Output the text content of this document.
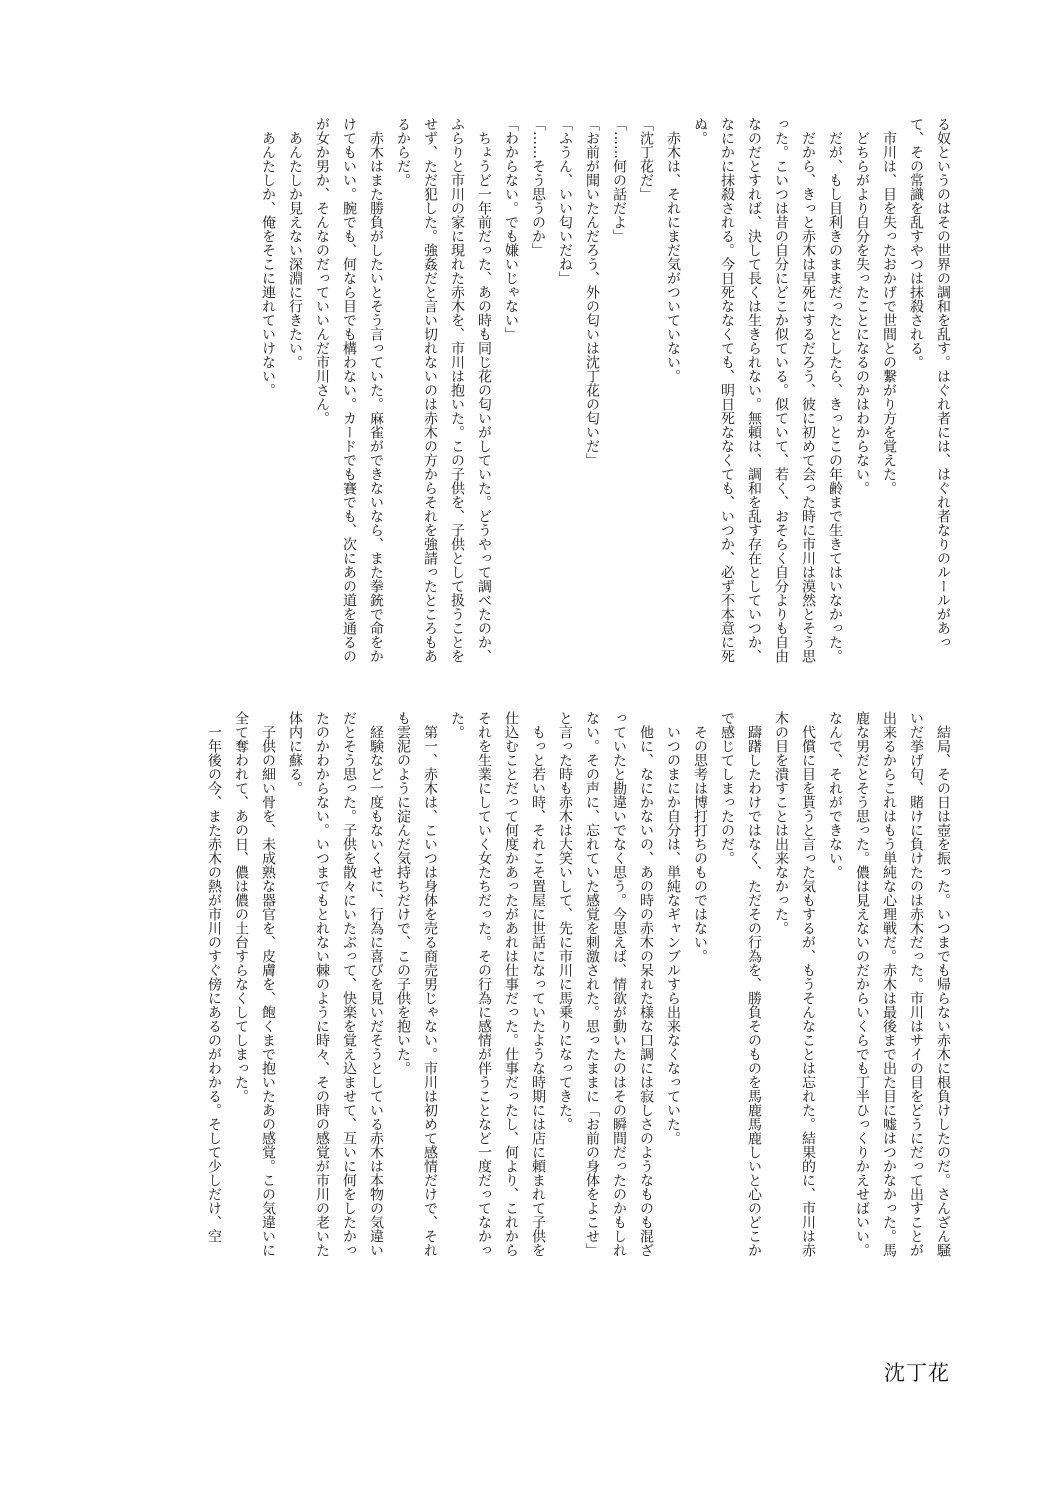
る奴というのはその世界の調和を乱す。はぐれ者には、はぐれ者なりのルールがあって、その常識を乱すやつは抹殺される。

市川は、目を失ったおかげで世間との繋がり方を覚えた。

どちらがより自分を失ったことになるのかはわからない。

だが、もし目利きのままだったとしたら、きっとこの年齢まで生きてはいなかった。

だから、きっと赤木は早死にするだろう、彼に初めて会った時に市川は漠然とそう思った。こいつは昔の自分にどこか似ている。似ていて、若く、おそらく自分よりも自由なのだとすれば、決して長くは生きられない。無頼は、調和を乱す存在としていつか、なにかに抹殺される。今日死ななくても、明日死ななくても、いつか、必ず不本意に死ぬ。

赤木は、それにまだ気がついていない。

「沈丁花だ」

「……何の話だよ」

「お前が聞いたんだろう、外の匂いは沈丁花の匂いだ」

「ふうん、いい匂いだね」

「……そう思うのか」

「わからない。でも嫌いじゃない」

ちょうど一年前だった、あの時も同じ花の匂いがしていた。どうやって調べたのか、ふらりと市川の家に現れた赤木を、市川は抱いた。この子供を、子供として扱うことをせず、ただ犯した。強姦だと言い切れないのは赤木の方からそれを強請ったところもあるからだ。

赤木はまた勝負がしたいとそう言っていた。麻雀ができないなら、また拳銃で命をかけてもいい。腕でも、何なら目でも構わない。カードでも賽でも、次にあの道を通るのが女か男か、そんなのだっていいんだ市川さん。

あんたしか見えない深淵に行きたい。

あんたしか、俺をそこに連れていけない。

結局、その日は壺を振った。いつまでも帰らない赤木に根負けしたのだ。さんざん騒いだ挙げ句、賭けに負けたのは赤木だった。市川はサイの目をどうにだって出すことが出来るからこれはもう単純な心理戦だ。赤木は最後まで出た目に嘘はつかなかった。馬鹿な男だとそう思った。儂は見えないのだからいくらでも丁半ひっくりかえせばいい。なんで、それができない。

代償に目を貰うと言った気もするが、もうそんなことは忘れた。結果的に、市川は赤木の目を潰すことは出来なかった。

躊躇したわけではなく、ただその行為を、勝負そのものを馬鹿馬鹿しいと心のどこかで感じてしまったのだ。

その思考は博打打ちのものではない。

いつのまにか自分は、単純なギャンブルすら出来なくなっていた。

他に、なにかないの、あの時の赤木の呆れた様な口調には寂しさのようなものも混ざっていたと勘違いでなく思う。今思えば、情欲が動いたのはその瞬間だったのかもしれない。その声に、忘れていた感覚を刺激された。思ったままに「お前の身体をよこせ」と言った時も赤木は大笑いして、先に市川に馬乗りになってきた。

もっと若い時、それこそ置屋に世話になっていたような時期には店に頼まれて子供を仕込むことだって何度かあったがあれは仕事だった。仕事だったし、何より、これからそれを生業にしていく女たちだった。その行為に感情が伴うことなど一度だってなかった。

第一、赤木は、こいつは身体を売る商売男じゃない。市川は初めて感情だけで、それも雲泥のように淀んだ気持ちだけで、この子供を抱いた。

経験など一度もないくせに、行為に喜びを見いだそうとしている赤木は本物の気違いだとそう思った。子供を散々にいたぶって、快楽を覚え込ませて、互いに何をしたかったのかわからない。いつまでもとれない棘のように時々、その時の感覚が市川の老いた体内に蘇る。

子供の細い骨を、未成熟な器官を、皮膚を、飽くまで抱いたあの感覚。この気違いに全て奪われて、あの日、儂は儂の土台すらなくしてしまった。

一年後の今、また赤木の熱が市川のすぐ傍にあるのがわかる。そして少しだけ、空

沈丁花
